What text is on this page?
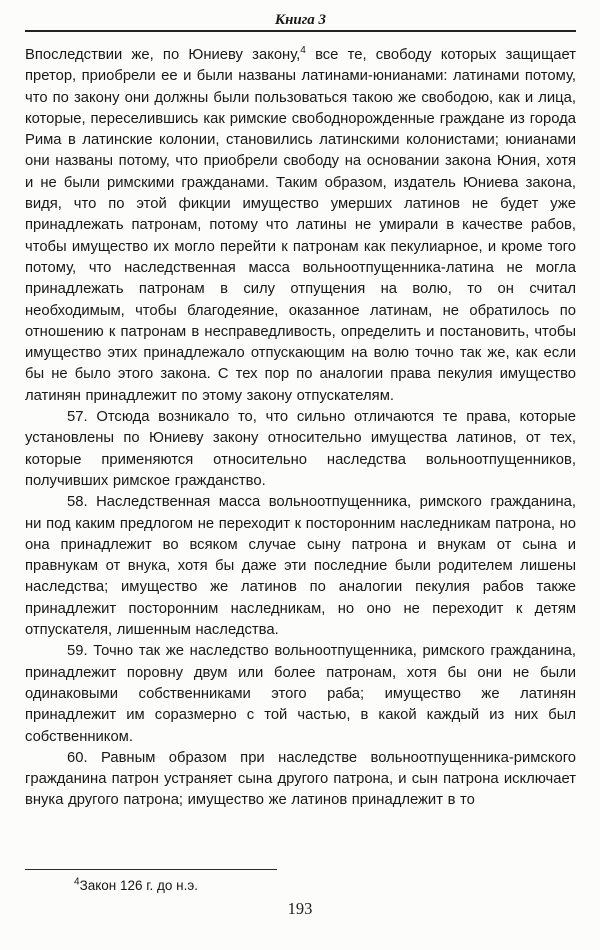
Книга 3

Впоследствии же, по Юниеву закону,$^4$ все те, свободу которых защищает претор, приобрели ее и были названы латинами-юнианами: латинами потому, что по закону они должны были пользоваться такою же свободою, как и лица, которые, переселившись как римские свободнорожденные граждане из города Рима в латинские колонии, становились латинскими колонистами; юнианами они названы потому, что приобрели свободу на основании закона Юния, хотя и не были римскими гражданами. Таким образом, издатель Юниева закона, видя, что по этой фикции имущество умерших латинов не будет уже принадлежать патронам, потому что латины не умирали в качестве рабов, чтобы имущество их могло перейти к патронам как пекулиарное, и кроме того потому, что наследственная масса вольноотпущенника-латина не могла принадлежать патронам в силу отпущения на волю, то он считал необходимым, чтобы благодеяние, оказанное латинам, не обратилось по отношению к патронам в несправедливость, определить и постановить, чтобы имущество этих принадлежало отпускающим на волю точно так же, как если бы не было этого закона. С тех пор по аналогии права пекулия имущество латинян принадлежит по этому закону отпускателям.

57. Отсюда возникало то, что сильно отличаются те права, которые установлены по Юниеву закону относительно имущества латинов, от тех, которые применяются относительно наследства вольноотпущенников, получивших римское гражданство.

58. Наследственная масса вольноотпущенника, римского гражданина, ни под каким предлогом не переходит к посторонним наследникам патрона, но она принадлежит во всяком случае сыну патрона и внукам от сына и правнукам от внука, хотя бы даже эти последние были родителем лишены наследства; имущество же латинов по аналогии пекулия рабов также принадлежит посторонним наследникам, но оно не переходит к детям отпускателя, лишенным наследства.

59. Точно так же наследство вольноотпущенника, римского гражданина, принадлежит поровну двум или более патронам, хотя бы они не были одинаковыми собственниками этого раба; имущество же латинян принадлежит им соразмерно с той частью, в какой каждый из них был собственником.

60. Равным образом при наследстве вольноотпущенника-римского гражданина патрон устраняет сына другого патрона, и сын патрона исключает внука другого патрона; имущество же латинов принадлежит в то

$^4$Закон 126 г. до н.э.
193
